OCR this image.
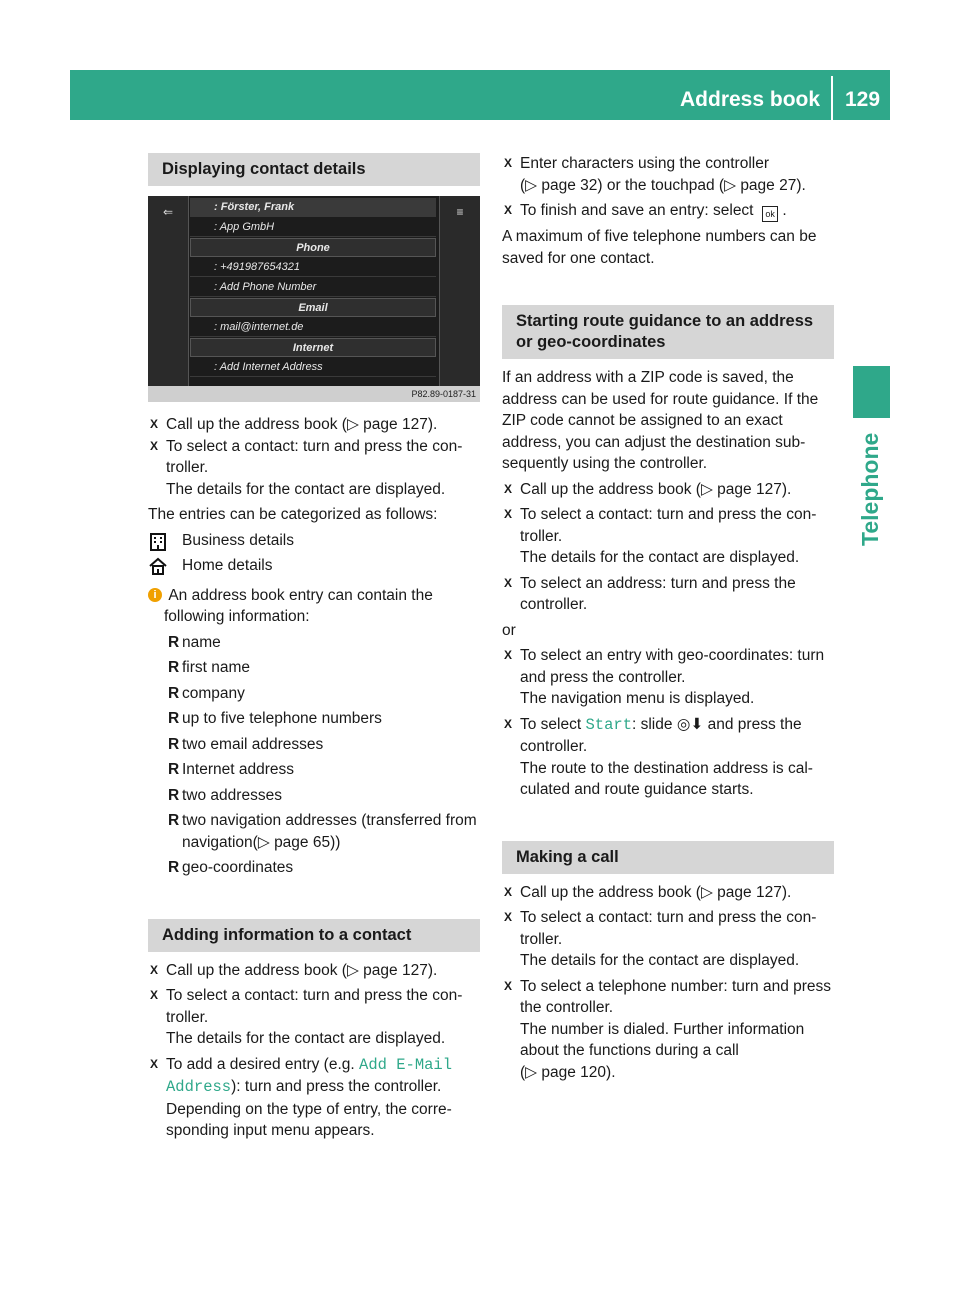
Address book 129
Telephone
Displaying contact details
⇐	≡
: Förster, Frank
: App GmbH
Phone
: +491987654321
: Add Phone Number
Email
: mail@internet.de
Internet
: Add Internet Address
P82.89-0187-31

X Call up the address book (▷ page 127).

X To select a contact: turn and press the con-troller.
The details for the contact are displayed.

The entries can be categorized as follows:

Business details

Home details

i An address book entry can contain the
following information:

R name

R first name

R company

R up to five telephone numbers

R two email addresses

R Internet address

R two addresses

R two navigation addresses (transferred from navigation(▷ page 65))

R geo-coordinates

Adding information to a contact

X Call up the address book (▷ page 127).

X To select a contact: turn and press the con-troller.
The details for the contact are displayed.

X To add a desired entry (e.g. Add E-Mail
Address): turn and press the controller.
Depending on the type of entry, the corre-sponding input menu appears.

X Enter characters using the controller
(▷ page 32) or the touchpad (▷ page 27).

X To finish and save an entry: select ok .

A maximum of five telephone numbers can be saved for one contact.

Starting route guidance to an address or geo-coordinates

If an address with a ZIP code is saved, the address can be used for route guidance. If the ZIP code cannot be assigned to an exact address, you can adjust the destination sub-sequently using the controller.

X Call up the address book (▷ page 127).

X To select a contact: turn and press the con-troller.
The details for the contact are displayed.

X To select an address: turn and press the controller.

or

X To select an entry with geo-coordinates: turn and press the controller.
The navigation menu is displayed.

X To select Start: slide ◎⬇ and press the controller.
The route to the destination address is cal-culated and route guidance starts.

Making a call

X Call up the address book (▷ page 127).

X To select a contact: turn and press the con-troller.
The details for the contact are displayed.

X To select a telephone number: turn and press the controller.
The number is dialed. Further information about the functions during a call
(▷ page 120).
